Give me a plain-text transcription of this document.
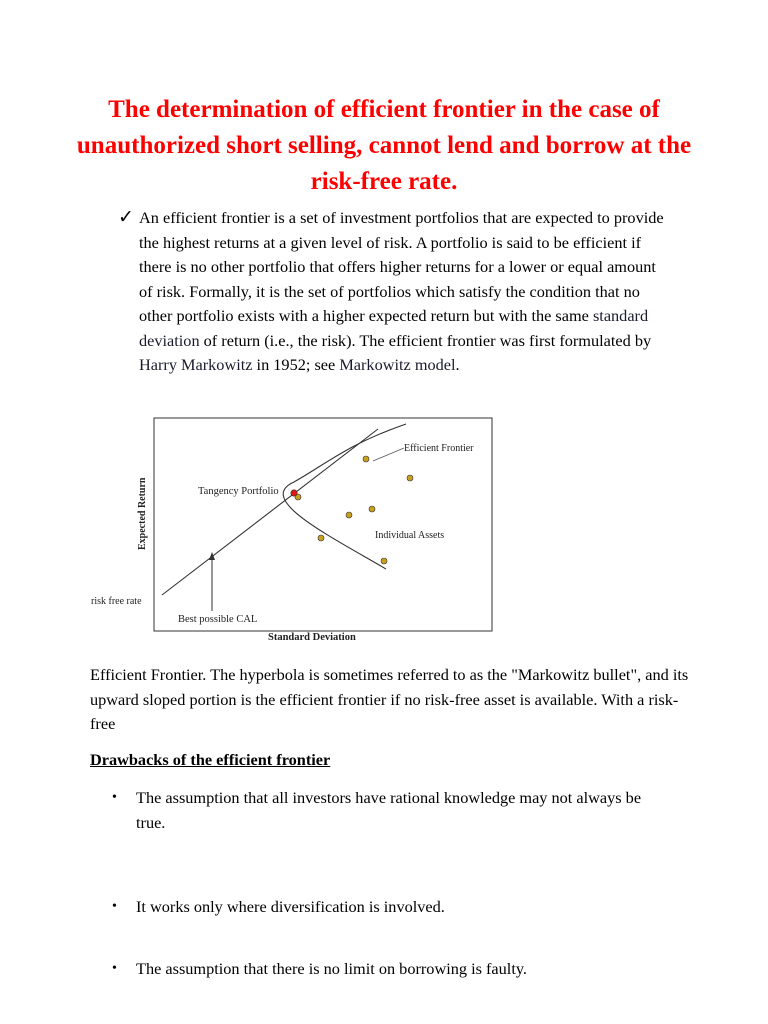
The determination of efficient frontier in the case of unauthorized short selling, cannot lend and borrow at the risk-free rate.
✓ An efficient frontier is a set of investment portfolios that are expected to provide the highest returns at a given level of risk. A portfolio is said to be efficient if there is no other portfolio that offers higher returns for a lower or equal amount of risk. Formally, it is the set of portfolios which satisfy the condition that no other portfolio exists with a higher expected return but with the same standard deviation of return (i.e., the risk). The efficient frontier was first formulated by Harry Markowitz in 1952; see Markowitz model.
Efficient Frontier
Tangency Portfolio
Individual Assets
risk free rate
Best possible CAL
Standard Deviation
Expected Return

Efficient Frontier. The hyperbola is sometimes referred to as the "Markowitz bullet", and its upward sloped portion is the efficient frontier if no risk-free asset is available. With a risk-free

Drawbacks of the efficient frontier
• The assumption that all investors have rational knowledge may not always be true.
• It works only where diversification is involved.
• The assumption that there is no limit on borrowing is faulty.
